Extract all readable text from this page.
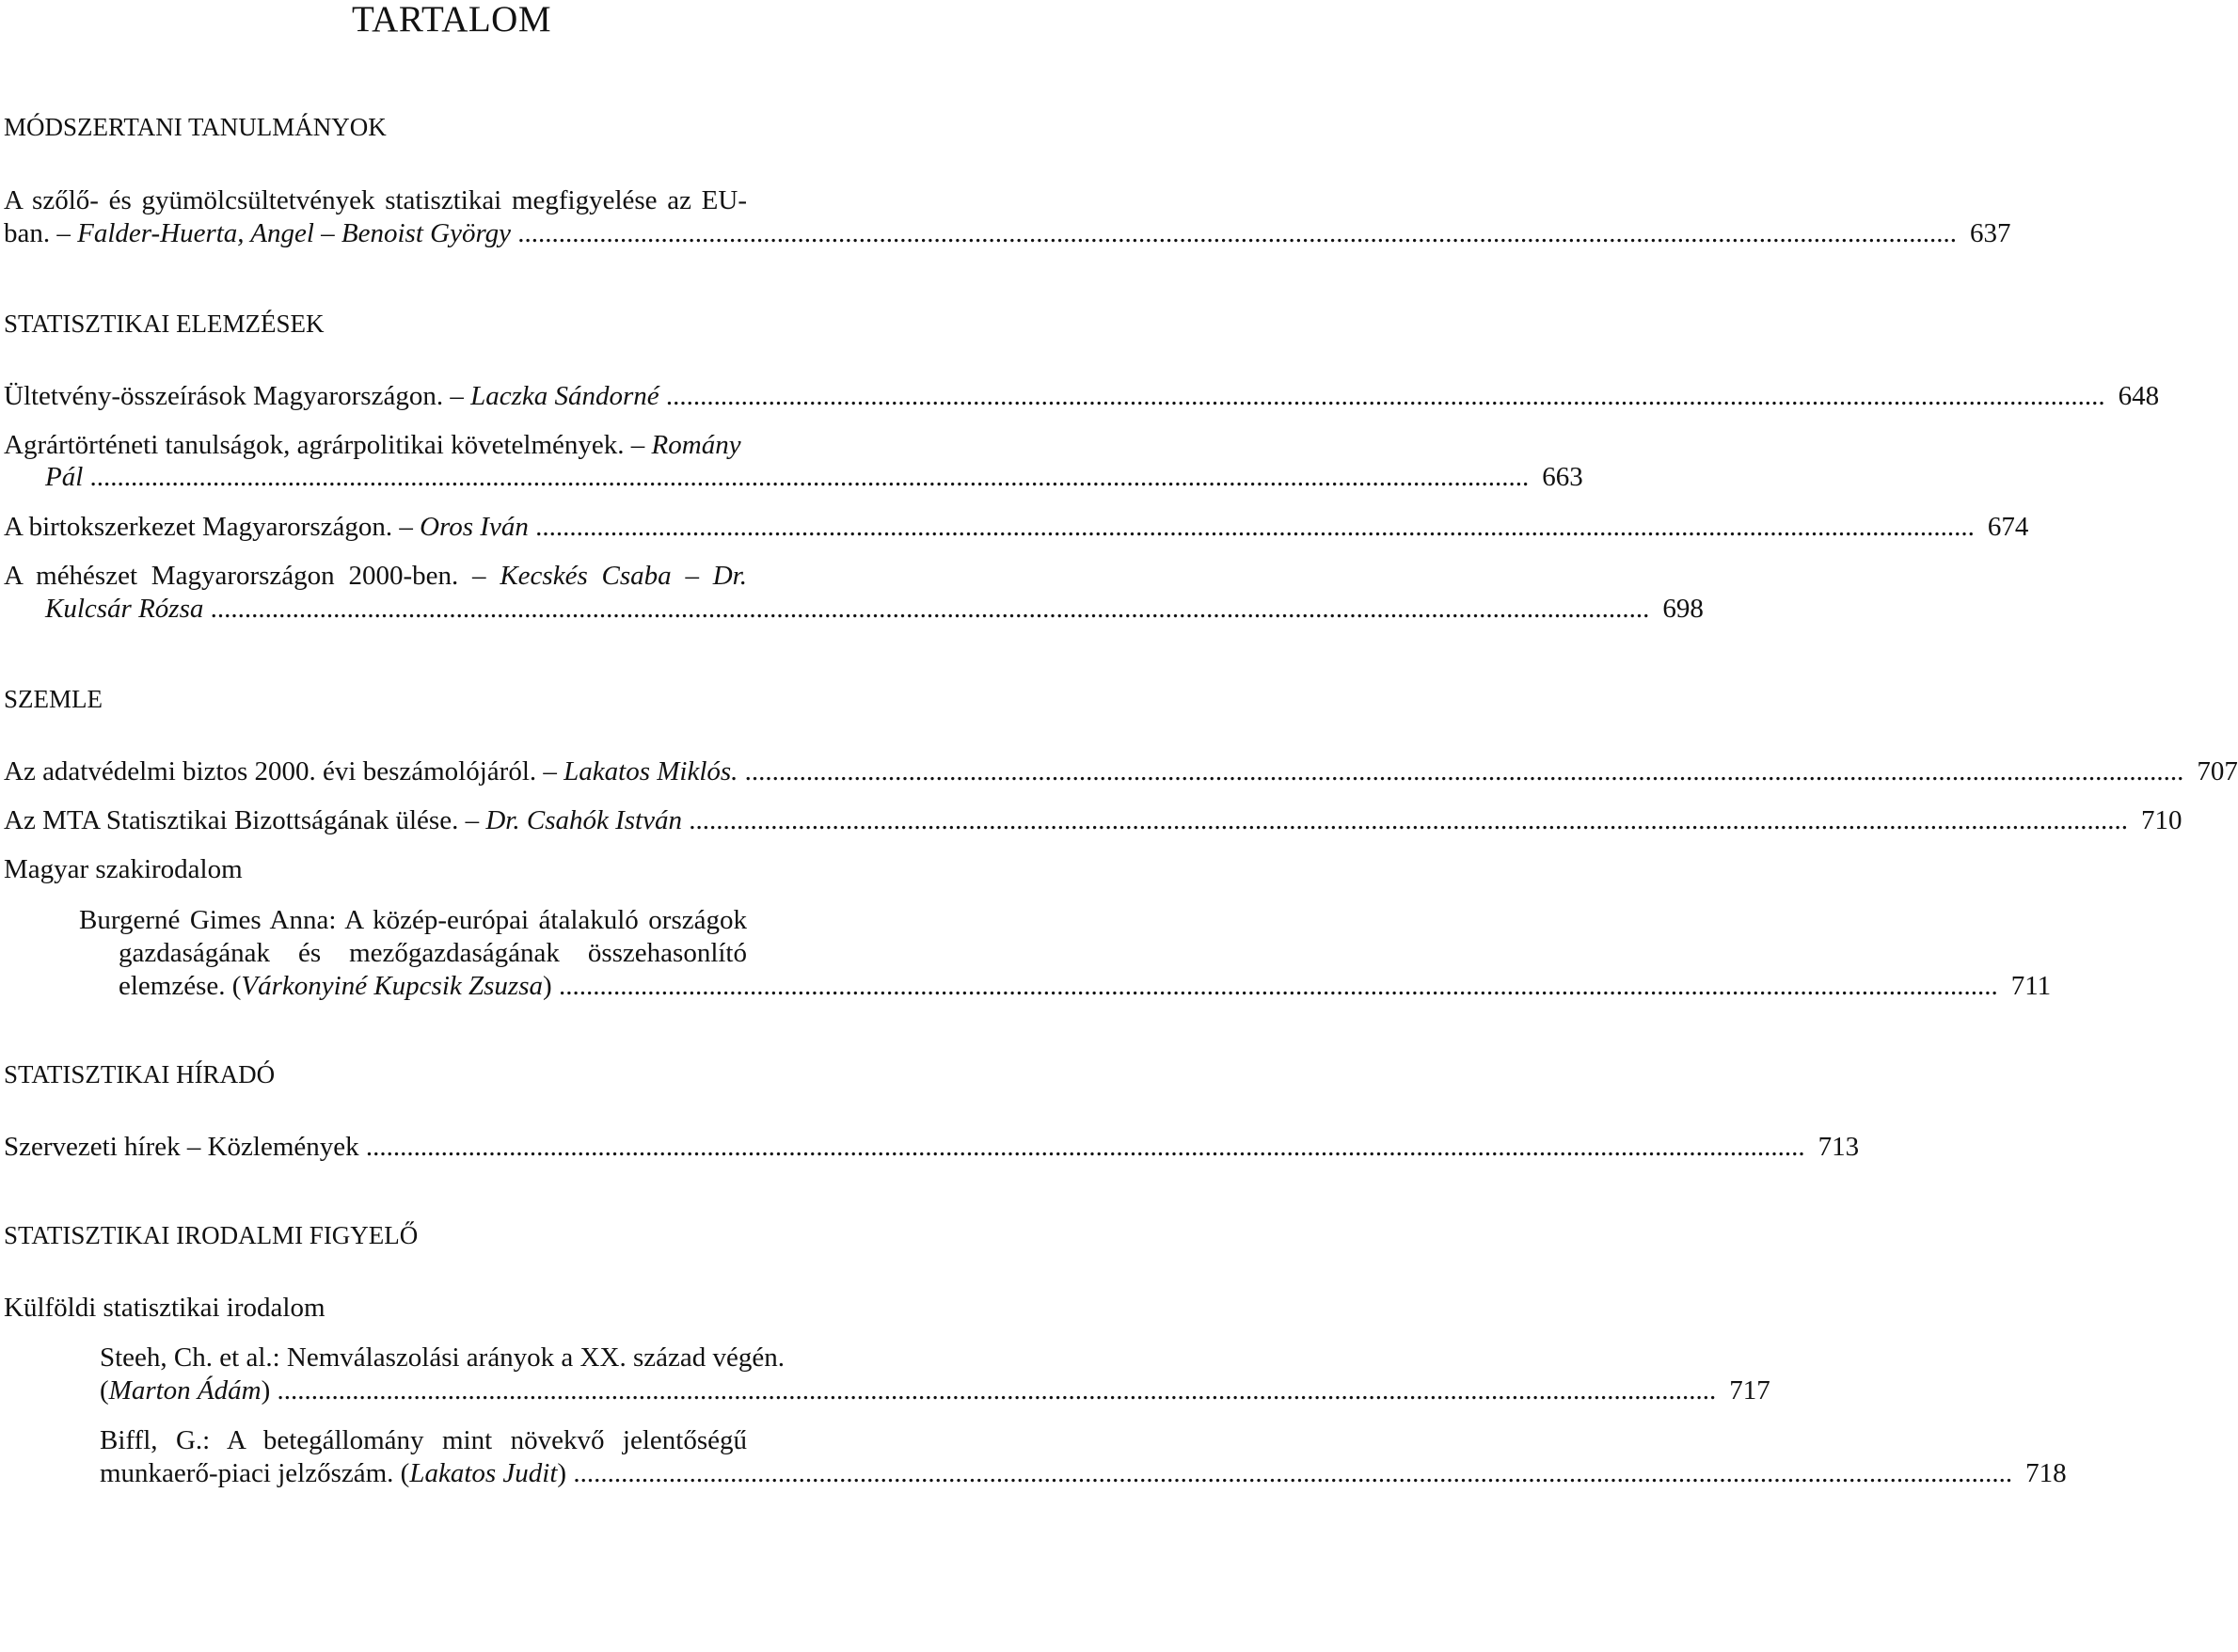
TARTALOM
MÓDSZERTANI TANULMÁNYOK
A szőlő- és gyümölcsültetvények statisztikai megfigyelése az EU-
ban. – Falder-Huerta, Angel – Benoist György .....	637
STATISZTIKAI ELEMZÉSEK
Ültetvény-összeírások Magyarországon. – Laczka Sándorné .....	648
Agrártörténeti tanulságok, agrárpolitikai követelmények. – Romány
Pál .....	663
A birtokszerkezet Magyarországon. – Oros Iván .....	674
A méhészet Magyarországon 2000-ben. – Kecskés Csaba – Dr.
Kulcsár Rózsa .....	698
SZEMLE
Az adatvédelmi biztos 2000. évi beszámolójáról. – Lakatos Miklós. .....	707
Az MTA Statisztikai Bizottságának ülése. – Dr. Csahók István .....	710
Magyar szakirodalom
Burgerné Gimes Anna: A közép-európai átalakuló országok
gazdaságának és mezőgazdaságának összehasonlító
elemzése. (Várkonyiné Kupcsik Zsuzsa) .....	711
STATISZTIKAI HÍRADÓ
Szervezeti hírek – Közlemények .....	713
STATISZTIKAI IRODALMI FIGYELŐ
Külföldi statisztikai irodalom
Steeh, Ch. et al.: Nemválaszolási arányok a XX. század végén.
(Marton Ádám) .....	717
Biffl, G.: A betegállomány mint növekvő jelentőségű
munkaerő-piaci jelzőszám. (Lakatos Judit) .....	718
